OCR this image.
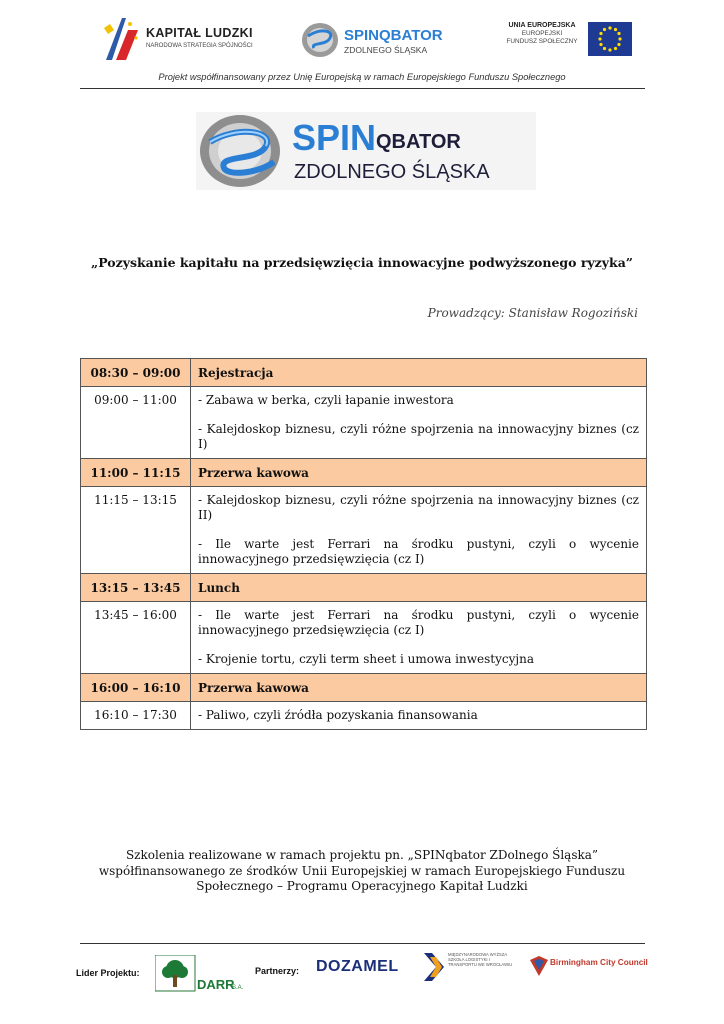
KAPITAŁ LUDZKI
NARODOWA STRATEGIA SPÓJNOŚCI
SPINQBATOR
ZDOLNEGO ŚLĄSKA
UNIA EUROPEJSKA
EUROPEJSKI
FUNDUSZ SPOŁECZNY
Projekt współfinansowany przez Unię Europejską w ramach Europejskiego Funduszu Społecznego
SPIN QBATOR
ZDOLNEGO ŚLĄSKA
„Pozyskanie kapitału na przedsięwzięcia innowacyjne podwyższonego ryzyka”
Prowadzący: Stanisław Rogoziński
08:30 – 09:00	Rejestracja

09:00 – 11:00	- Zabawa w berka, czyli łapanie inwestora
- Kalejdoskop biznesu, czyli różne spojrzenia na innowacyjny biznes (cz I)

11:00 – 11:15	Przerwa kawowa

11:15 – 13:15	- Kalejdoskop biznesu, czyli różne spojrzenia na innowacyjny biznes (cz II)
- Ile warte jest Ferrari na środku pustyni, czyli o wycenie innowacyjnego przedsięwzięcia (cz I)

13:15 – 13:45	Lunch

13:45 – 16:00	- Ile warte jest Ferrari na środku pustyni, czyli o wycenie innowacyjnego przedsięwzięcia (cz I)
- Krojenie tortu, czyli term sheet i umowa inwestycyjna

16:00 – 16:10	Przerwa kawowa

16:10 – 17:30	- Paliwo, czyli źródła pozyskania finansowania
Szkolenia realizowane w ramach projektu pn. „SPINqbator ZDolnego Śląska”
współfinansowanego ze środków Unii Europejskiej w ramach Europejskiego Funduszu
Społecznego – Programu Operacyjnego Kapitał Ludzki
Lider Projektu:
DARR
S.A.
Partnerzy: DOZAMEL
MIĘDZYNARODOWA WYŻSZA SZKOŁA LOGISTYKI I TRANSPORTU WE WROCŁAWIU	Birmingham City Council
